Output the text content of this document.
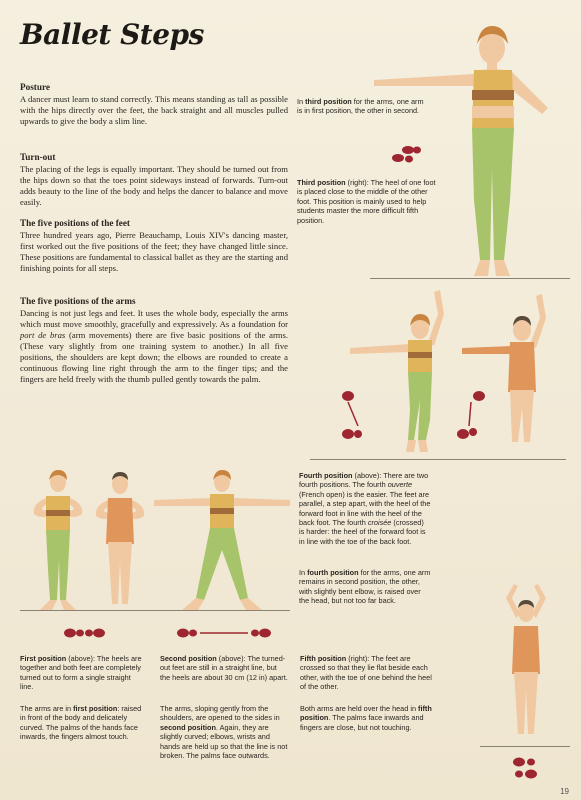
Ballet Steps
Posture

A dancer must learn to stand correctly. This means standing as tall as possible with the hips directly over the feet, the back straight and all muscles pulled upwards to give the body a slim line.

Turn-out

The placing of the legs is equally important. They should be turned out from the hips down so that the toes point sideways instead of forwards. Turn-out adds beauty to the line of the body and helps the dancer to balance and move easily.

The five positions of the feet

Three hundred years ago, Pierre Beauchamp, Louis XIV's dancing master, first worked out the five positions of the feet; they have changed little since. These positions are fundamental to classical ballet as they are the starting and finishing points for all steps.

The five positions of the arms

Dancing is not just legs and feet. It uses the whole body, especially the arms which must move smoothly, gracefully and expressively. As a foundation for port de bras (arm movements) there are five basic positions of the arms. (These vary slightly from one training system to another.) In all five positions, the shoulders are kept down; the elbows are rounded to create a continuous flowing line right through the arm to the finger tips; and the fingers are held freely with the thumb pulled gently towards the palm.

In third position for the arms, one arm is in first position, the other in second.
Third position (right): The heel of one foot is placed close to the middle of the other foot. This position is mainly used to help students master the more difficult fifth position.
Fourth position (above): There are two fourth positions. The fourth ouverte (French open) is the easier. The feet are parallel, a step apart, with the heel of the forward foot in line with the heel of the back foot. The fourth croisée (crossed) is harder: the heel of the forward foot is in line with the toe of the back foot.
In fourth position for the arms, one arm remains in second position, the other, with slightly bent elbow, is raised over the head, but not too far back.
First position (above): The heels are together and both feet are completely turned out to form a single straight line.
Second position (above): The turned-out feet are still in a straight line, but the heels are about 30 cm (12 in) apart.
Fifth position (right): The feet are crossed so that they lie flat beside each other, with the toe of one behind the heel of the other.
The arms are in first position: raised in front of the body and delicately curved. The palms of the hands face inwards, the fingers almost touch.
The arms, sloping gently from the shoulders, are opened to the sides in second position. Again, they are slightly curved; elbows, wrists and hands are held up so that the line is not broken. The palms face outwards.
Both arms are held over the head in fifth position. The palms face inwards and fingers are close, but not touching.
19
